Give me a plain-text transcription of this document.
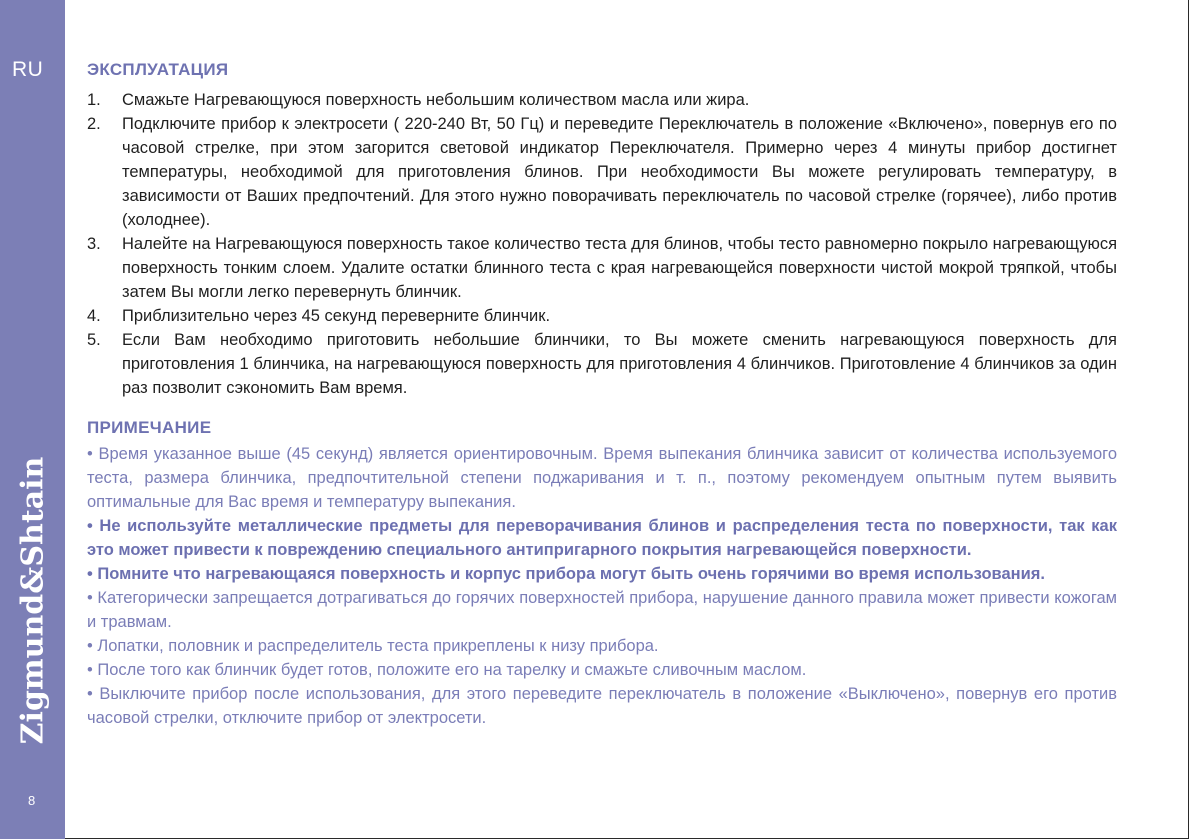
RU
Zigmund&Shtain
8
ЭКСПЛУАТАЦИЯ
1. Смажьте Нагревающуюся поверхность небольшим количеством масла или жира.
2. Подключите прибор к электросети ( 220-240 Вт, 50 Гц) и переведите Переключатель в положение «Включено», повернув его по часовой стрелке, при этом загорится световой индикатор Переключателя. Примерно через 4 минуты прибор достигнет температуры, необходимой для приготовления блинов. При необходимости Вы можете регулировать температуру, в зависимости от Ваших предпочтений. Для этого нужно поворачивать переключатель по часовой стрелке (горячее), либо против (холоднее).
3. Налейте на Нагревающуюся поверхность такое количество теста для блинов, чтобы тесто равномерно покрыло нагревающуюся поверхность тонким слоем. Удалите остатки блинного теста с края нагревающейся поверхности чистой мокрой тряпкой, чтобы затем Вы могли легко перевернуть блинчик.
4. Приблизительно через 45 секунд переверните блинчик.
5. Если Вам необходимо приготовить небольшие блинчики, то Вы можете сменить нагревающуюся поверхность для приготовления 1 блинчика, на нагревающуюся поверхность для приготовления 4 блинчиков. Приготовление 4 блинчиков за один раз позволит сэкономить Вам время.
ПРИМЕЧАНИЕ

• Время указанное выше (45 секунд) является ориентировочным. Время выпекания блинчика зависит от количества используемого теста, размера блинчика, предпочтительной степени поджаривания и т. п., поэтому рекомендуем опытным путем выявить оптимальные для Вас время и температуру выпекания.

• Не используйте металлические предметы для переворачивания блинов и распределения теста по поверхности, так как это может привести к повреждению специального антипригарного покрытия нагревающейся поверхности.

• Помните что нагревающаяся поверхность и корпус прибора могут быть очень горячими во время использования.

• Категорически запрещается дотрагиваться до горячих поверхностей прибора, нарушение данного правила может привести кожогам и травмам.

• Лопатки, половник и распределитель теста прикреплены к низу прибора.

• После того как блинчик будет готов, положите его на тарелку и смажьте сливочным маслом.

• Выключите прибор после использования, для этого переведите переключатель в положение «Выключено», повернув его против часовой стрелки, отключите прибор от электросети.
